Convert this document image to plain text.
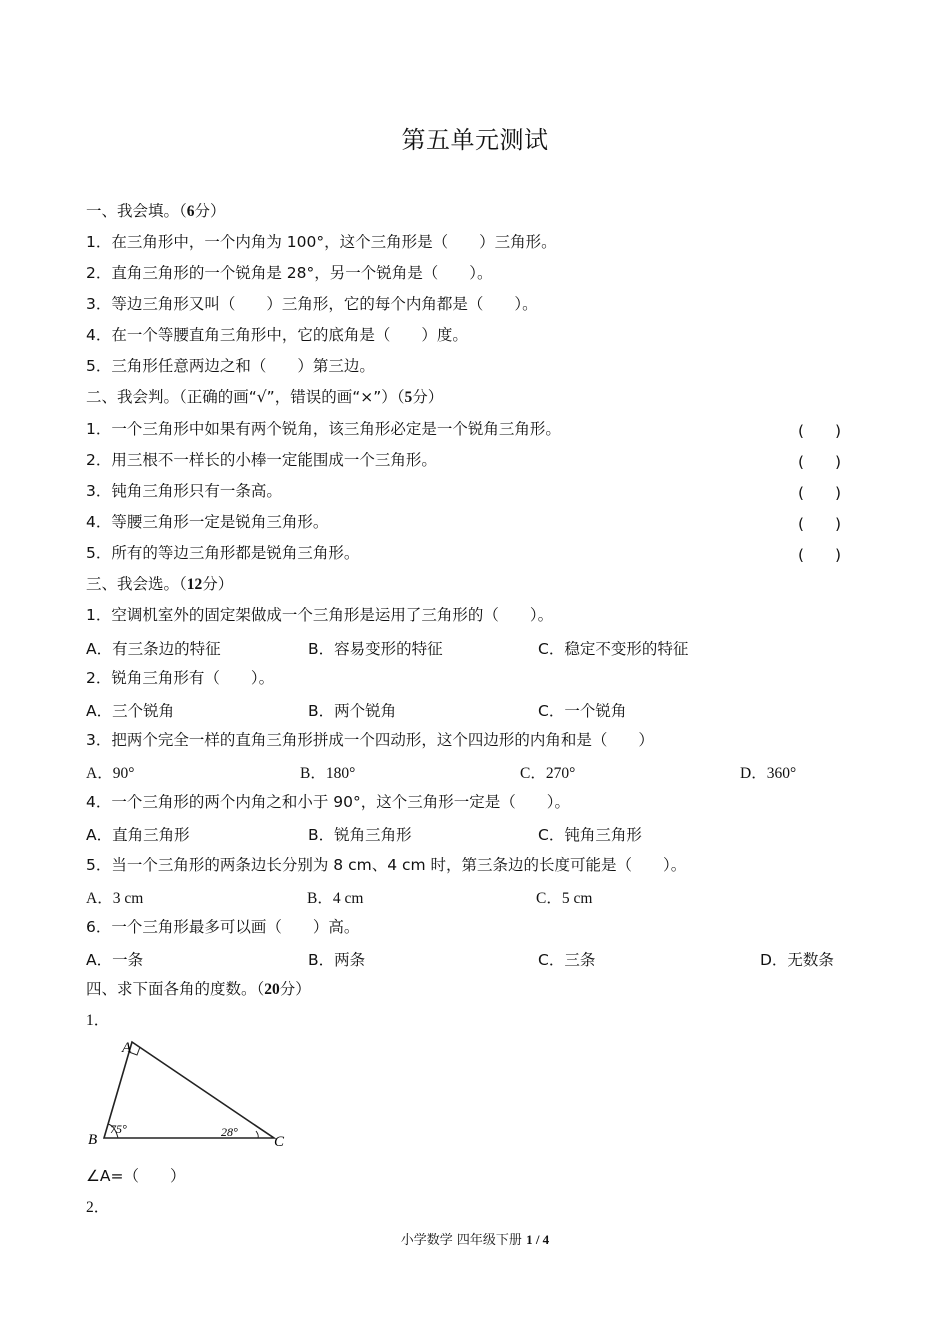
第五单元测试
一、我会填。（6分）
1．在三角形中，一个内角为 100°，这个三角形是（　　）三角形。
2．直角三角形的一个锐角是 28°，另一个锐角是（　　）。
3．等边三角形又叫（　　）三角形，它的每个内角都是（　　）。
4．在一个等腰直角三角形中，它的底角是（　　）度。
5．三角形任意两边之和（　　）第三边。
二、我会判。（正确的画“√”，错误的画“×”）（5分）
1．一个三角形中如果有两个锐角，该三角形必定是一个锐角三角形。	(　　)
2．用三根不一样长的小棒一定能围成一个三角形。	(　　)
3．钝角三角形只有一条高。	(　　)
4．等腰三角形一定是锐角三角形。	(　　)
5．所有的等边三角形都是锐角三角形。	(　　)
三、我会选。（12分）
1．空调机室外的固定架做成一个三角形是运用了三角形的（　　）。
A．有三条边的特征	B．容易变形的特征	C．稳定不变形的特征
2．锐角三角形有（　　）。
A．三个锐角	B．两个锐角	C．一个锐角
3．把两个完全一样的直角三角形拼成一个四动形，这个四边形的内角和是（　　）
A．90°	B．180°	C．270°	D．360°
4．一个三角形的两个内角之和小于 90°，这个三角形一定是（　　）。
A．直角三角形	B．锐角三角形	C．钝角三角形
5．当一个三角形的两条边长分别为 8 cm、4 cm 时，第三条边的长度可能是（　　）。
A．3 cm	B．4 cm	C．5 cm
6．一个三角形最多可以画（　　）高。
A．一条	B．两条	C．三条	D．无数条
四、求下面各角的度数。（20分）
1．
A
B	C
75°	28°
∠A=（　　）
2．
小学数学 四年级下册 1 / 4
